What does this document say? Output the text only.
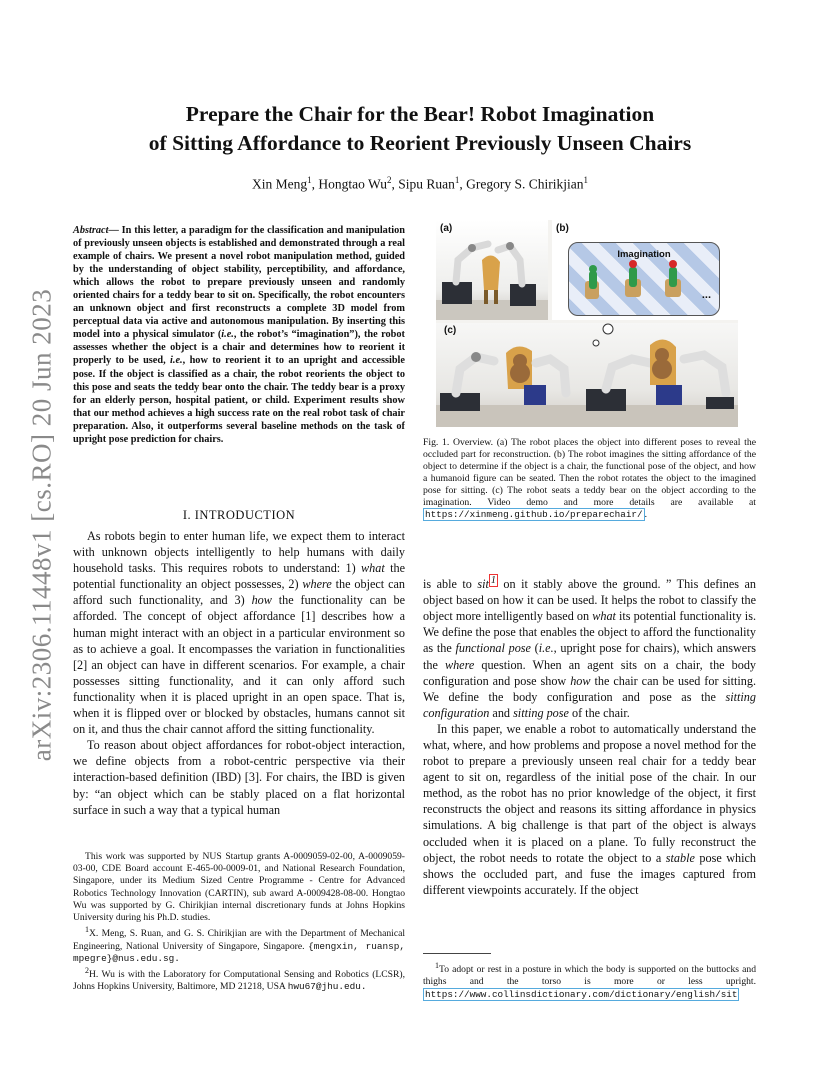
arXiv:2306.11448v1 [cs.RO] 20 Jun 2023
Prepare the Chair for the Bear! Robot Imagination
of Sitting Affordance to Reorient Previously Unseen Chairs
Xin Meng$^1$, Hongtao Wu$^2$, Sipu Ruan$^1$, Gregory S. Chirikjian$^1$
Abstract— In this letter, a paradigm for the classification and manipulation of previously unseen objects is established and demonstrated through a real example of chairs. We present a novel robot manipulation method, guided by the understanding of object stability, perceptibility, and affordance, which allows the robot to prepare previously unseen and randomly oriented chairs for a teddy bear to sit on. Specifically, the robot encounters an unknown object and first reconstructs a complete 3D model from perceptual data via active and autonomous manipulation. By inserting this model into a physical simulator (i.e., the robot’s “imagination”), the robot assesses whether the object is a chair and determines how to reorient it properly to be used, i.e., how to reorient it to an upright and accessible pose. If the object is classified as a chair, the robot reorients the object to this pose and seats the teddy bear onto the chair. The teddy bear is a proxy for an elderly person, hospital patient, or child. Experiment results show that our method achieves a high success rate on the real robot task of chair preparation. Also, it outperforms several baseline methods on the task of upright pose prediction for chairs.
I. INTRODUCTION

As robots begin to enter human life, we expect them to interact with unknown objects intelligently to help humans with daily household tasks. This requires robots to understand: 1) what the potential functionality an object possesses, 2) where the object can afford such functionality, and 3) how the functionality can be afforded. The concept of object affordance [1] describes how a human might interact with an object in a particular environment so as to achieve a goal. It encompasses the variation in functionalities [2] an object can have in different scenarios. For example, a chair possesses sitting functionality, and it can only afford such functionality when it is placed upright in an open space. That is, when it is flipped over or blocked by obstacles, humans cannot sit on it, and thus the chair cannot afford the sitting functionality.

To reason about object affordances for robot-object interaction, we define objects from a robot-centric perspective via their interaction-based definition (IBD) [3]. For chairs, the IBD is given by: “an object which can be stably placed on a flat horizontal surface in such a way that a typical human

This work was supported by NUS Startup grants A-0009059-02-00, A-0009059-03-00, CDE Board account E-465-00-0009-01, and National Research Foundation, Singapore, under its Medium Sized Centre Programme - Centre for Advanced Robotics Technology Innovation (CARTIN), sub award A-0009428-08-00. Hongtao Wu was supported by G. Chirikjian internal discretionary funds at Johns Hopkins University during his Ph.D. studies.

$^1$X. Meng, S. Ruan, and G. S. Chirikjian are with the Department of Mechanical Engineering, National University of Singapore, Singapore. {mengxin, ruansp, mpegre}@nus.edu.sg.

$^2$H. Wu is with the Laboratory for Computational Sensing and Robotics (LCSR), Johns Hopkins University, Baltimore, MD 21218, USA hwu67@jhu.edu.

(a)	(b)
Imagination
...
(c)
Fig. 1. Overview. (a) The robot places the object into different poses to reveal the occluded part for reconstruction. (b) The robot imagines the sitting affordance of the object to determine if the object is a chair, the functional pose of the object, and how a humanoid figure can be seated. Then the robot rotates the object to the imagined pose for sitting. (c) The robot seats a teddy bear on the object according to the imagination. Video demo and more details are available at https://xinmeng.github.io/preparechair/ .

is able to sit $^1$ on it stably above the ground. ” This defines an object based on how it can be used. It helps the robot to classify the object more intelligently based on what its potential functionality is. We define the pose that enables the object to afford the functionality as the functional pose (i.e., upright pose for chairs), which answers the where question. When an agent sits on a chair, the body configuration and pose show how the chair can be used for sitting. We define the body configuration and pose as the sitting configuration and sitting pose of the chair.

In this paper, we enable a robot to automatically understand the what, where, and how problems and propose a novel method for the robot to prepare a previously unseen real chair for a teddy bear agent to sit on, regardless of the initial pose of the chair. In our method, as the robot has no prior knowledge of the object, it first reconstructs the object and reasons its sitting affordance in physics simulations. A big challenge is that part of the object is always occluded when it is placed on a plane. To fully reconstruct the object, the robot needs to rotate the object to a stable pose which shows the occluded part, and fuse the images captured from different viewpoints accurately. If the object

$^1$To adopt or rest in a posture in which the body is supported on the buttocks and thighs and the torso is more or less upright. https://www.collinsdictionary.com/dictionary/english/sit
